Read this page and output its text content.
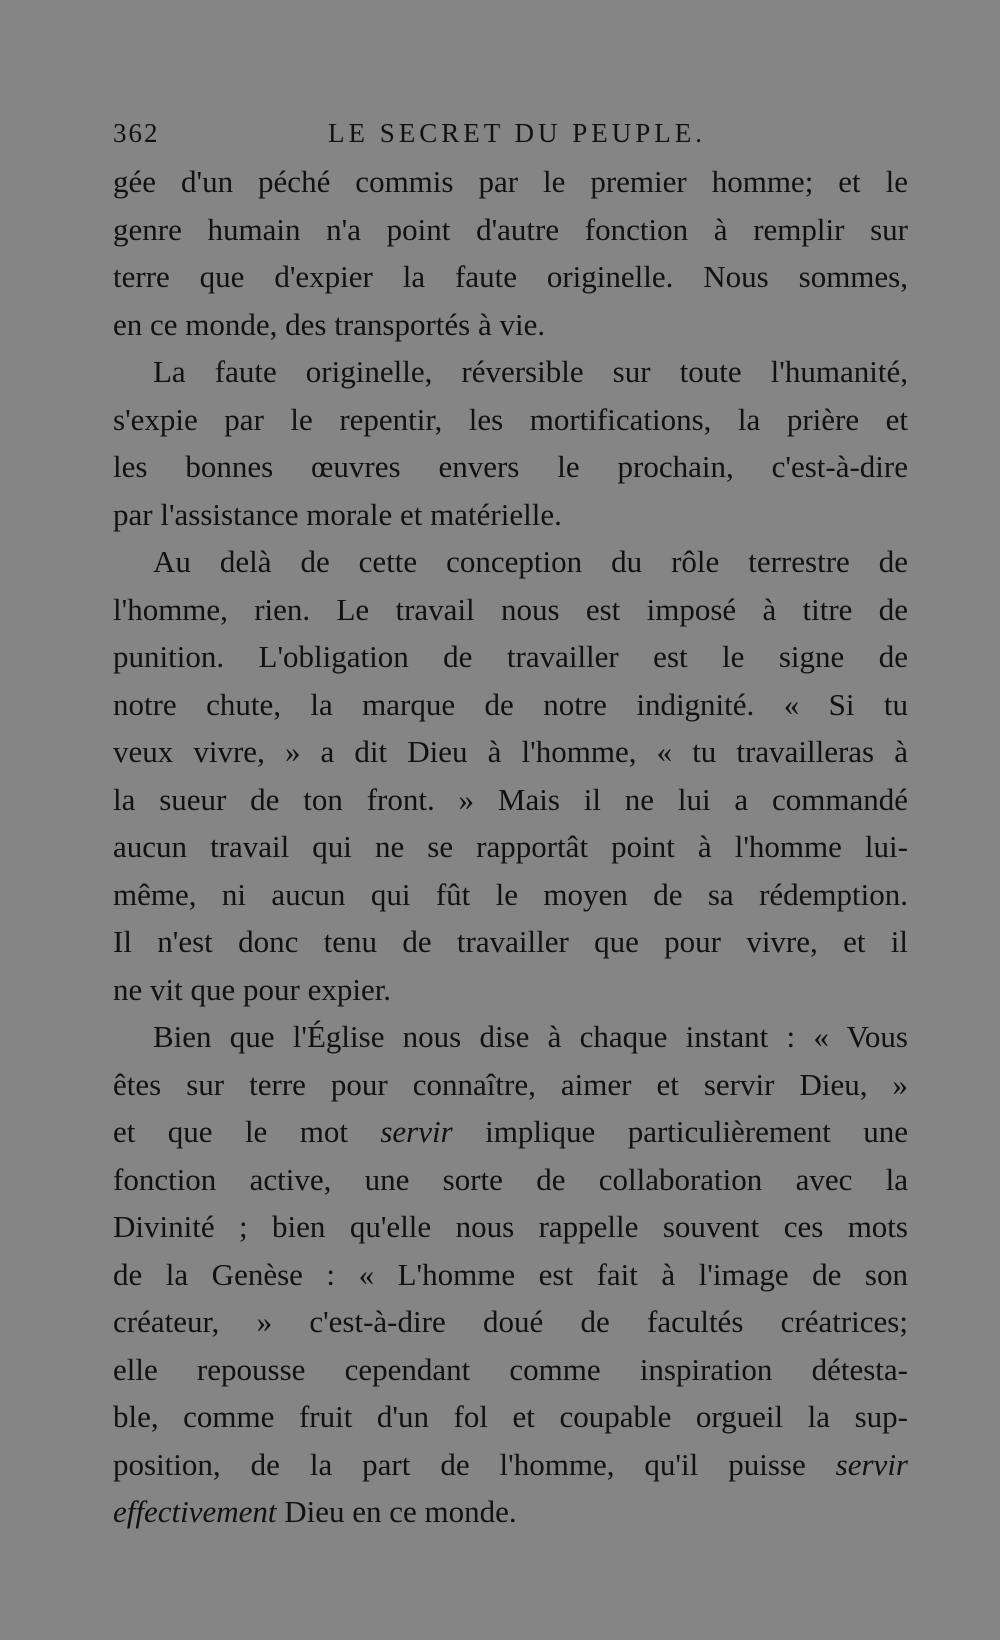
362	LE SECRET DU PEUPLE.
gée d'un péché commis par le premier homme; et le
genre humain n'a point d'autre fonction à remplir sur
terre que d'expier la faute originelle. Nous sommes,
en ce monde, des transportés à vie.
La faute originelle, réversible sur toute l'humanité,
s'expie par le repentir, les mortifications, la prière et
les bonnes œuvres envers le prochain, c'est-à-dire
par l'assistance morale et matérielle.
Au delà de cette conception du rôle terrestre de
l'homme, rien. Le travail nous est imposé à titre de
punition. L'obligation de travailler est le signe de
notre chute, la marque de notre indignité. « Si tu
veux vivre, » a dit Dieu à l'homme, « tu travailleras à
la sueur de ton front. » Mais il ne lui a commandé
aucun travail qui ne se rapportât point à l'homme lui-
même, ni aucun qui fût le moyen de sa rédemption.
Il n'est donc tenu de travailler que pour vivre, et il
ne vit que pour expier.
Bien que l'Église nous dise à chaque instant : « Vous
êtes sur terre pour connaître, aimer et servir Dieu, »
et que le mot servir implique particulièrement une
fonction active, une sorte de collaboration avec la
Divinité ; bien qu'elle nous rappelle souvent ces mots
de la Genèse : « L'homme est fait à l'image de son
créateur, » c'est-à-dire doué de facultés créatrices;
elle repousse cependant comme inspiration détesta-
ble, comme fruit d'un fol et coupable orgueil la sup-
position, de la part de l'homme, qu'il puisse servir
effectivement Dieu en ce monde.
